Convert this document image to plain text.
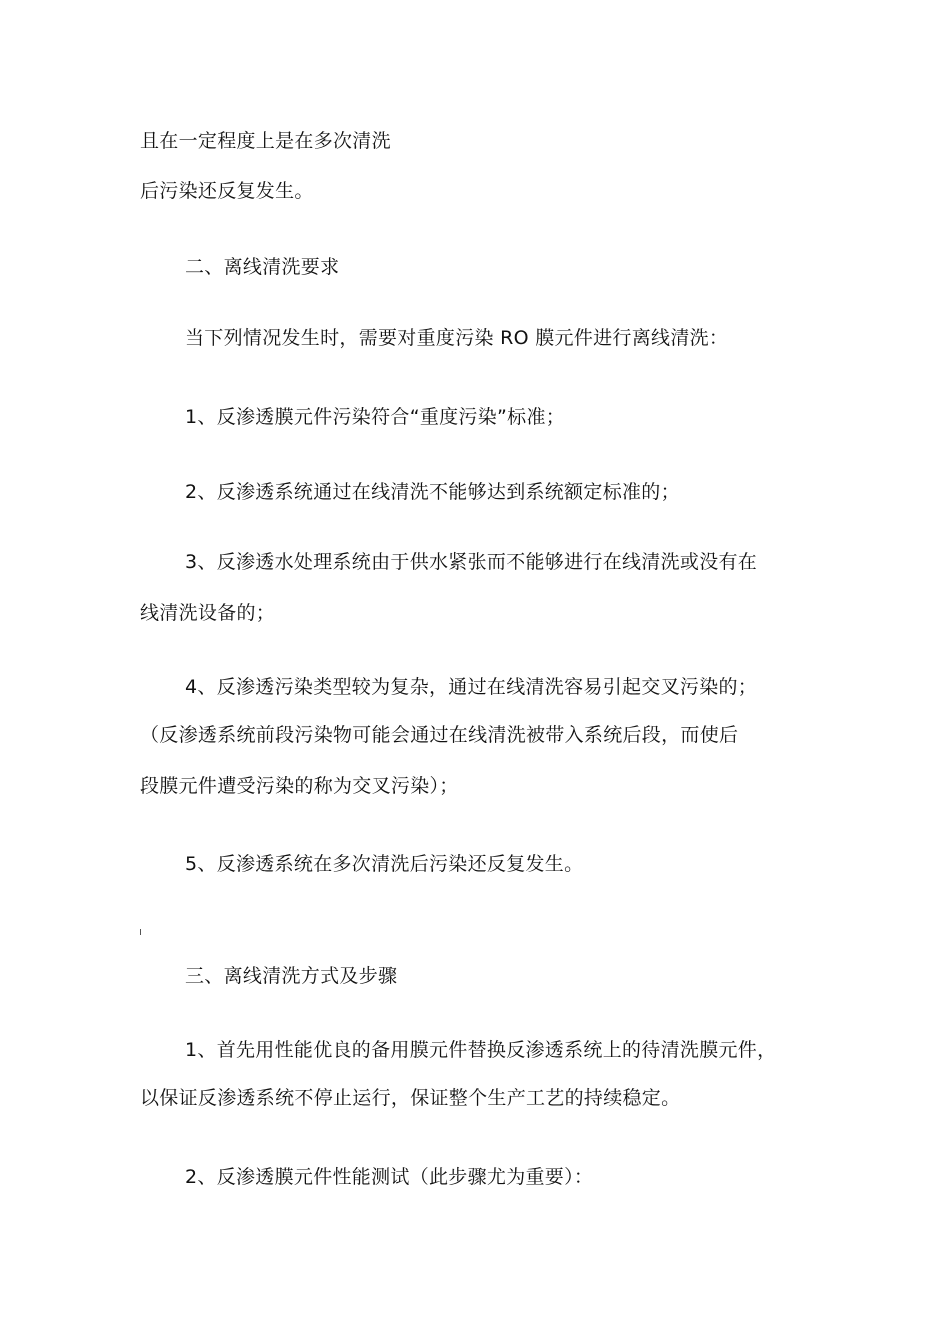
且在一定程度上是在多次清洗
后污染还反复发生。
二、离线清洗要求
当下列情况发生时，需要对重度污染 RO 膜元件进行离线清洗：
1、反渗透膜元件污染符合“重度污染”标准；
2、反渗透系统通过在线清洗不能够达到系统额定标准的；
3、反渗透水处理系统由于供水紧张而不能够进行在线清洗或没有在
线清洗设备的；
4、反渗透污染类型较为复杂，通过在线清洗容易引起交叉污染的；
（反渗透系统前段污染物可能会通过在线清洗被带入系统后段，而使后
段膜元件遭受污染的称为交叉污染）；
5、反渗透系统在多次清洗后污染还反复发生。
三、离线清洗方式及步骤
1、首先用性能优良的备用膜元件替换反渗透系统上的待清洗膜元件，
以保证反渗透系统不停止运行，保证整个生产工艺的持续稳定。
2、反渗透膜元件性能测试（此步骤尤为重要）：
